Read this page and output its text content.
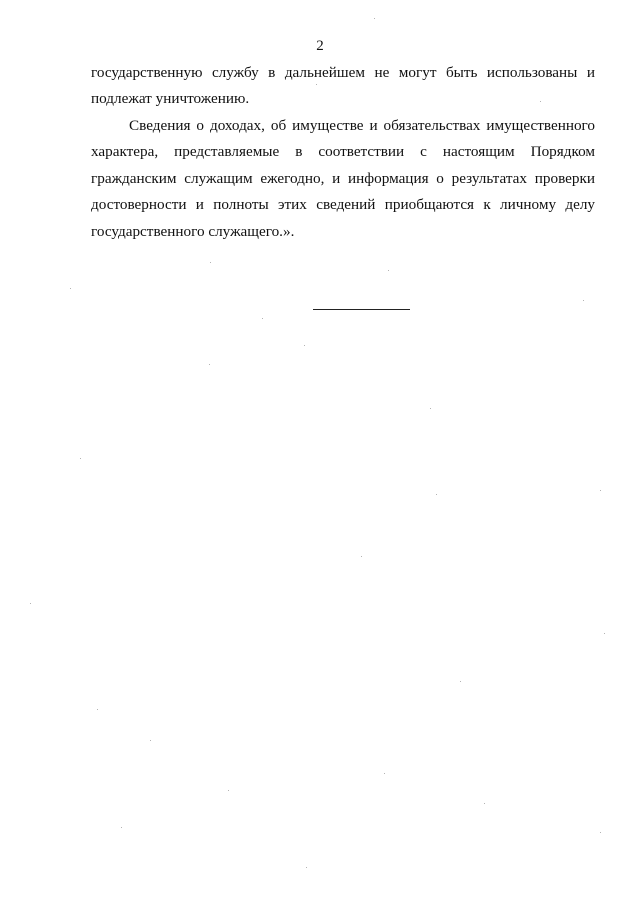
2
государственную службу в дальнейшем не могут быть использованы и
подлежат уничтожению.
Сведения о доходах, об имуществе и обязательствах имущественного
характера, представляемые в соответствии с настоящим Порядком
гражданским служащим ежегодно, и информация о результатах проверки
достоверности и полноты этих сведений приобщаются к личному делу
государственного служащего.».
